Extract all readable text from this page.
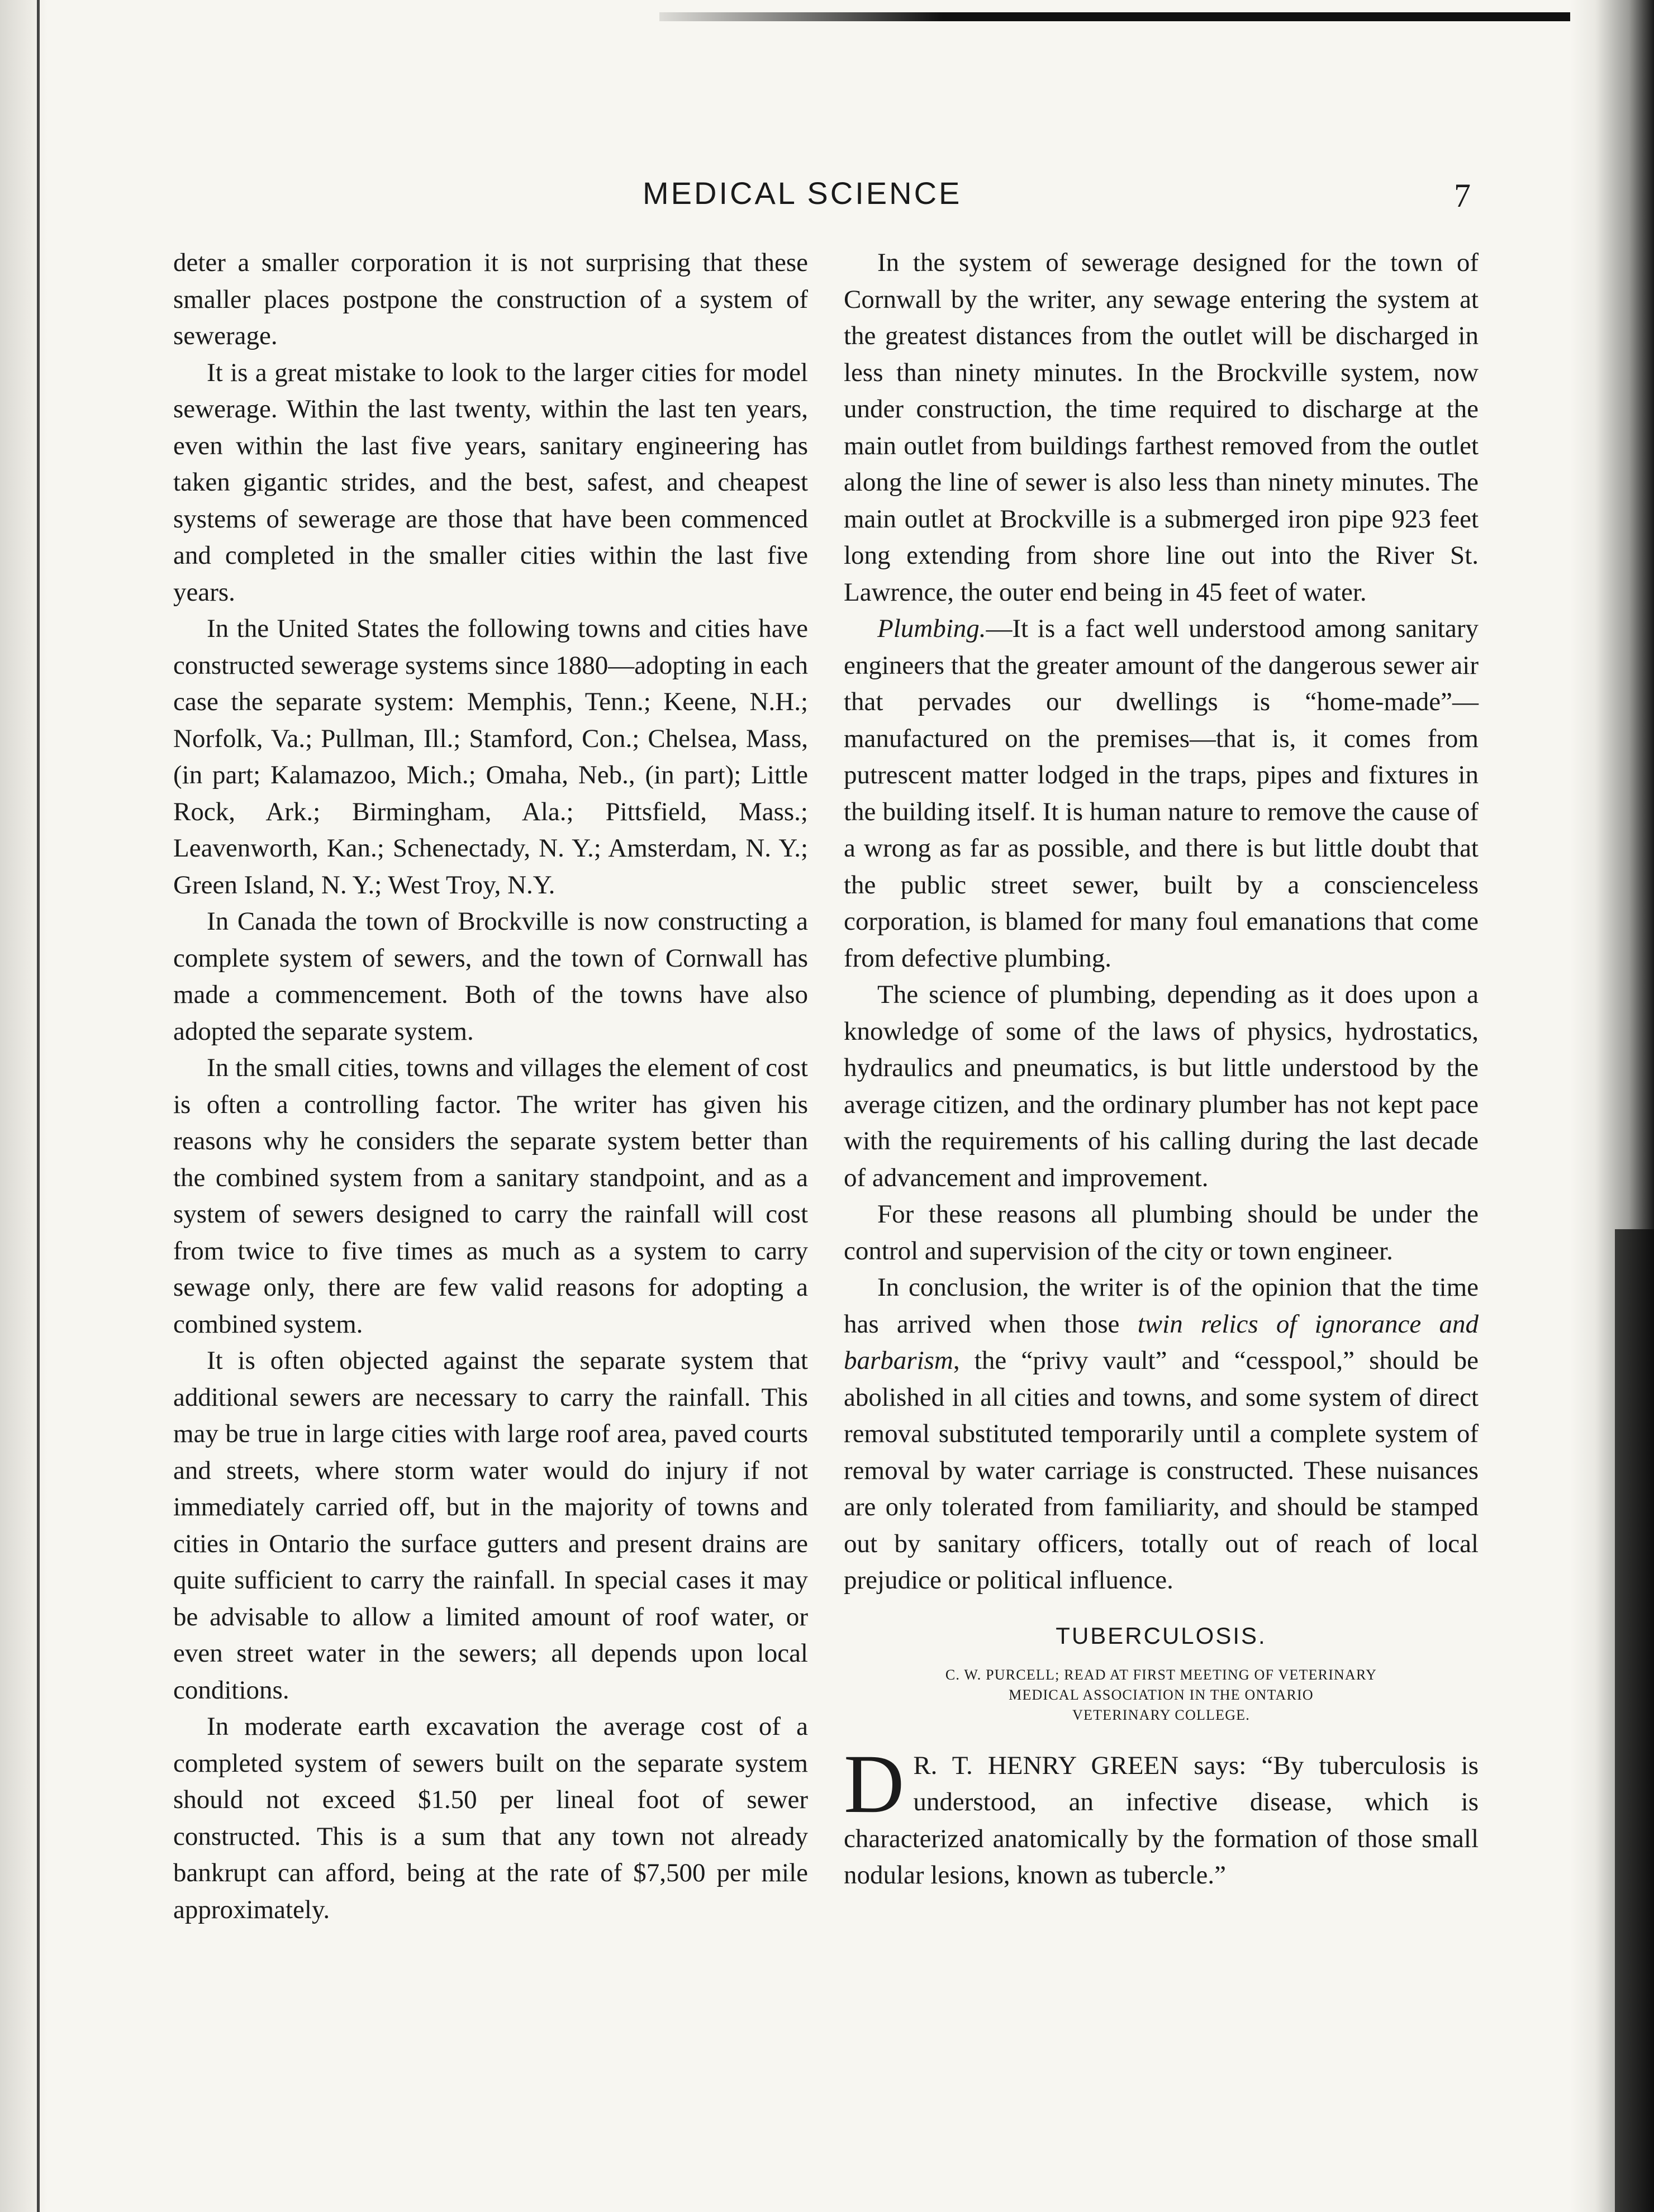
MEDICAL SCIENCE	7

deter a smaller corporation it is not surprising that these smaller places postpone the construction of a system of sewerage.

It is a great mistake to look to the larger cities for model sewerage. Within the last twenty, within the last ten years, even within the last five years, sanitary engineering has taken gigantic strides, and the best, safest, and cheapest systems of sewerage are those that have been commenced and completed in the smaller cities within the last five years.

In the United States the following towns and cities have constructed sewerage systems since 1880—adopting in each case the separate system: Memphis, Tenn.; Keene, N.H.; Norfolk, Va.; Pullman, Ill.; Stamford, Con.; Chelsea, Mass, (in part; Kalamazoo, Mich.; Omaha, Neb., (in part); Little Rock, Ark.; Birmingham, Ala.; Pittsfield, Mass.; Leavenworth, Kan.; Schenectady, N. Y.; Amsterdam, N. Y.; Green Island, N. Y.; West Troy, N.Y.

In Canada the town of Brockville is now constructing a complete system of sewers, and the town of Cornwall has made a commencement. Both of the towns have also adopted the separate system.

In the small cities, towns and villages the element of cost is often a controlling factor. The writer has given his reasons why he considers the separate system better than the combined system from a sanitary standpoint, and as a system of sewers designed to carry the rainfall will cost from twice to five times as much as a system to carry sewage only, there are few valid reasons for adopting a combined system.

It is often objected against the separate system that additional sewers are necessary to carry the rainfall. This may be true in large cities with large roof area, paved courts and streets, where storm water would do injury if not immediately carried off, but in the majority of towns and cities in Ontario the surface gutters and present drains are quite sufficient to carry the rainfall. In special cases it may be advisable to allow a limited amount of roof water, or even street water in the sewers; all depends upon local conditions.

In moderate earth excavation the average cost of a completed system of sewers built on the separate system should not exceed $1.50 per lineal foot of sewer constructed. This is a sum that any town not already bankrupt can afford, being at the rate of $7,500 per mile approximately.

In the system of sewerage designed for the town of Cornwall by the writer, any sewage entering the system at the greatest distances from the outlet will be discharged in less than ninety minutes. In the Brockville system, now under construction, the time required to discharge at the main outlet from buildings farthest removed from the outlet along the line of sewer is also less than ninety minutes. The main outlet at Brockville is a submerged iron pipe 923 feet long extending from shore line out into the River St. Lawrence, the outer end being in 45 feet of water.

Plumbing.—It is a fact well understood among sanitary engineers that the greater amount of the dangerous sewer air that pervades our dwellings is “home-made”—manufactured on the premises—that is, it comes from putrescent matter lodged in the traps, pipes and fixtures in the building itself. It is human nature to remove the cause of a wrong as far as possible, and there is but little doubt that the public street sewer, built by a conscienceless corporation, is blamed for many foul emanations that come from defective plumbing.

The science of plumbing, depending as it does upon a knowledge of some of the laws of physics, hydrostatics, hydraulics and pneumatics, is but little understood by the average citizen, and the ordinary plumber has not kept pace with the requirements of his calling during the last decade of advancement and improvement.

For these reasons all plumbing should be under the control and supervision of the city or town engineer.

In conclusion, the writer is of the opinion that the time has arrived when those twin relics of ignorance and barbarism, the “privy vault” and “cesspool,” should be abolished in all cities and towns, and some system of direct removal substituted temporarily until a complete system of removal by water carriage is constructed. These nuisances are only tolerated from familiarity, and should be stamped out by sanitary officers, totally out of reach of local prejudice or political influence.

TUBERCULOSIS.
C. W. PURCELL; READ AT FIRST MEETING OF VETERINARY
MEDICAL ASSOCIATION IN THE ONTARIO
VETERINARY COLLEGE.

D R. T. HENRY GREEN says: “By tuberculosis is understood, an infective disease, which is characterized anatomically by the formation of those small nodular lesions, known as tubercle.”
